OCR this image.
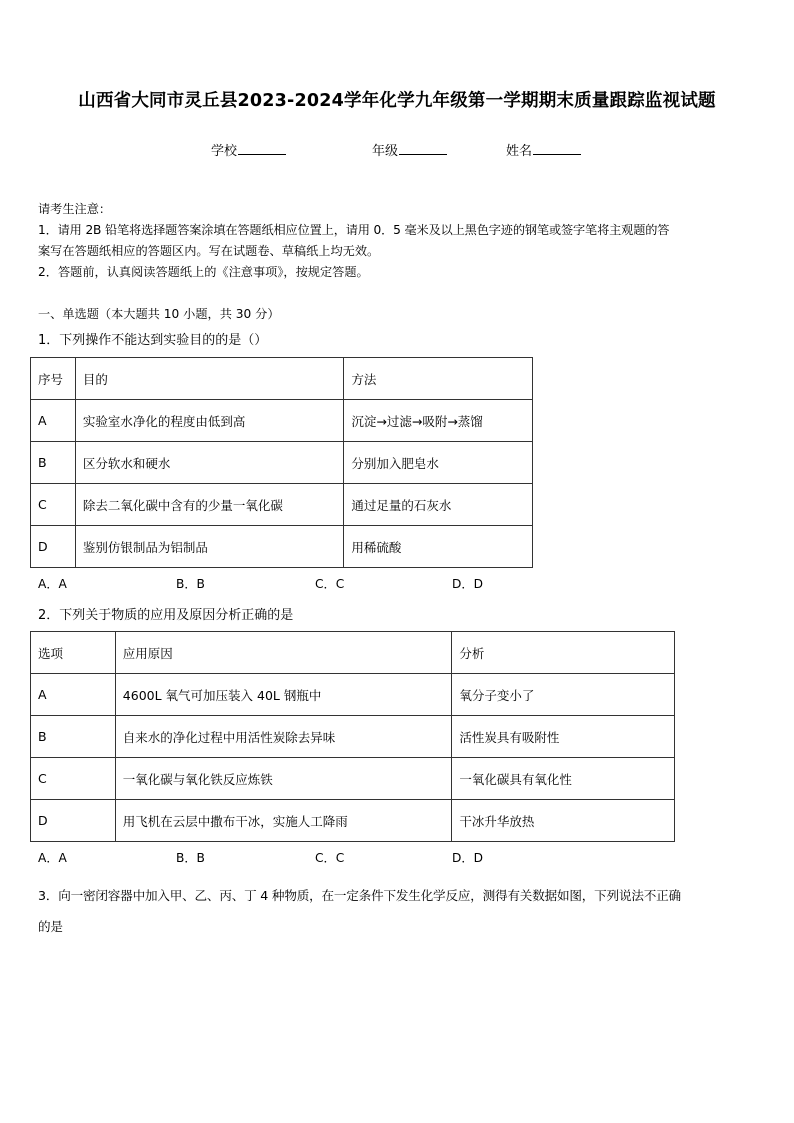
山西省大同市灵丘县2023-2024学年化学九年级第一学期期末质量跟踪监视试题
学校	年级	姓名
请考生注意：
1．请用 2B 铅笔将选择题答案涂填在答题纸相应位置上，请用 0．5 毫米及以上黑色字迹的钢笔或签字笔将主观题的答
案写在答题纸相应的答题区内。写在试题卷、草稿纸上均无效。
2．答题前，认真阅读答题纸上的《注意事项》，按规定答题。
一、单选题（本大题共 10 小题，共 30 分）
1．下列操作不能达到实验目的的是（）
序号	目的	方法
A	实验室水净化的程度由低到高	沉淀→过滤→吸附→蒸馏
B	区分软水和硬水	分别加入肥皂水
C	除去二氧化碳中含有的少量一氧化碳	通过足量的石灰水
D	鉴别仿银制品为铝制品	用稀硫酸
A．A	B．B	C．C	D．D
2．下列关于物质的应用及原因分析正确的是
选项	应用原因	分析
A	4600L 氧气可加压装入 40L 钢瓶中	氧分子变小了
B	自来水的净化过程中用活性炭除去异味	活性炭具有吸附性
C	一氧化碳与氧化铁反应炼铁	一氧化碳具有氧化性
D	用飞机在云层中撒布干冰，实施人工降雨	干冰升华放热
A．A	B．B	C．C	D．D
3．向一密闭容器中加入甲、乙、丙、丁 4 种物质，在一定条件下发生化学反应，测得有关数据如图，下列说法不正确
的是
